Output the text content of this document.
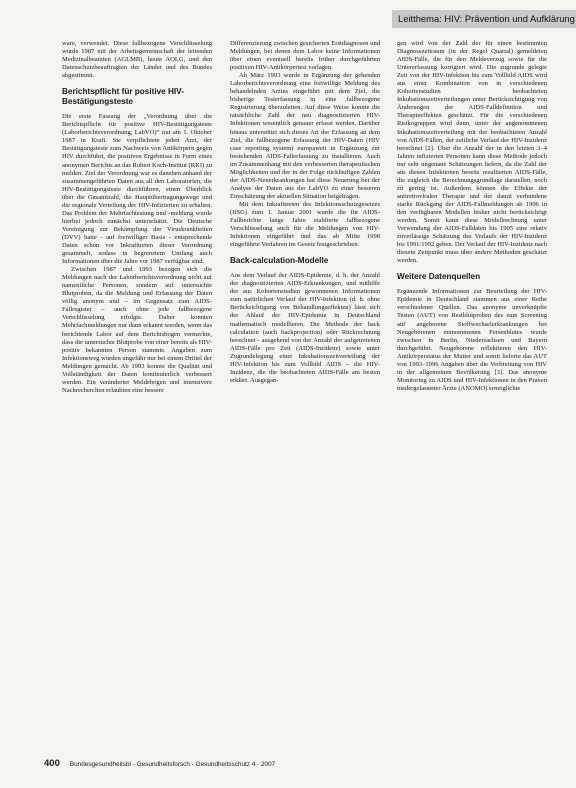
Leitthema: HIV: Prävention und Aufklärung

ware, verwendet. Diese fallbezogene Verschlüsselung wurde 1987 mit der Arbeitsgemeinschaft der leitenden Medizinalbeamten (AGLMB), heute AOLG, und den Datenschutzbeauftragten der Länder und des Bundes abgestimmt.

Berichtspflicht für positive HIV-Bestätigungsteste

Die erste Fassung der „Verordnung über die Berichtspflicht für positive HIV-Bestätigungsteste (Laborberichtsverordnung, LabVO)“ trat am 1. Oktober 1987 in Kraft. Sie verpflichtete jeden Arzt, der Bestätigungsteste zum Nachweis von Antikörpern gegen HIV durchführt, die positiven Ergebnisse in Form eines anonymen Berichts an das Robert Koch-Institut (RKI) zu melden. Ziel der Verordnung war es daneben anhand der zusammengeführten Daten aus all den Laboratorien, die HIV-Bestätigungsteste durchführen, einen Überblick über die Gesamtzahl, die Hauptübertragungswege und die regionale Verteilung der HIV-Infizierten zu erhalten. Das Problem der Mehrfachtestung und -meldung wurde hierbei jedoch zunächst unterschätzt. Die Deutsche Vereinigung zur Bekämpfung der Viruskrankheiten (DVV) hatte - auf freiwilliger Basis - entsprechende Daten schon vor Inkrafttreten dieser Verordnung gesammelt, sodass in begrenztem Umfang auch Informationen über die Jahre vor 1987 verfügbar sind.

Zwischen 1987 und 1993 bezogen sich die Meldungen nach der Laborberichtsverordnung nicht auf namentliche Personen, sondern auf untersuchte Blutproben, da die Meldung und Erfassung der Daten völlig anonym und – im Gegensatz zum AIDS-Fallregister – auch ohne jede fallbezogene Verschlüsselung erfolgte. Daher konnten Mehrfachmeldungen nur dann erkannt werden, wenn das berichtende Labor auf dem Berichtsbogen vermerkte, dass die untersuchte Blutprobe von einer bereits als HIV-positiv bekannten Person stammte. Angaben zum Infektionsweg wurden ungefähr nur bei einem Drittel der Meldungen gemacht. Ab 1993 konnte die Qualität und Vollständigkeit der Daten kontinuierlich verbessert werden. Ein veränderter Meldebogen und intensivere Nachrecherchen erlaubten eine bessere

Differenzierung zwischen gesicherten Erstdiagnosen und Meldungen, bei denen dem Labor keine Informationen über einen eventuell bereits früher durchgeführten positiven HIV-Antikörpertest vorlagen.

Ab März 1993 wurde in Ergänzung der gehenden Laborberichtsverordnung eine freiwillige Meldung des behandelnden Arztes eingeführt mit dem Ziel, die bisherige Testerfassung in eine fallbezogene Registrierung überzuleiten. Auf diese Weise konnte die tatsächliche Zahl der neu diagnostizierten HIV-Infektionen wesentlich genauer erfasst werden. Darüber hinaus unterstützt sich dieses Art der Erfassung an dem Ziel, die fallbezogene Erfassung der HIV-Daten (HIV case reporting system) europaweit in Ergänzung zur bestehenden AIDS-Fallerfassung zu installieren. Auch im Zusammenhang mit den verbesserten therapeutischen Möglichkeiten und der in der Folge rückläufigen Zahlen der AIDS-Neuerkrankungen hat diese Neuerung bei der Analyse der Daten aus der LabVO zu einer besseren Einschätzung der aktuellen Situation beigetragen.

Mit dem Inkrafttreten des Infektionsschutzgesetzes (IfSG) zum 1. Januar 2001 wurde die für AIDS-Fallberichte lange Jahre etablierte fallbezogene Verschlüsselung auch für die Meldungen von HIV-Infektionen eingeführt und das ab Mitte 1998 eingeführte Verfahren im Gesetz festgeschrieben.

Back-calculation-Modelle

Aus dem Verlauf der AIDS-Epidemie, d. h. der Anzahl der diagnostizierten AIDS-Erkrankungen, und mithilfe der aus Kohortenstudien gewonnenen Informationen zum natürlichen Verlauf der HIV-Infektion (d. h. ohne Berücksichtigung von Behandlungseffekten) lässt sich der Ablauf der HIV-Epidemie in Deutschland mathematisch modellieren. Die Methode der back calculation (auch backprojection) oder Rückrechnung berechnet - ausgehend von der Anzahl der aufgetretenen AIDS-Fälle pro Zeit (AIDS-Inzidenz) sowie unter Zugrundelegung einer Inkubationszeitverteilung der HIV-Infektion bis zum Vollbild AIDS – die HIV-Inzidenz, die die beobachteten AIDS-Fälle am besten erklärt. Ausgegan-

gen wird von der Zahl der für einen bestimmten Diagnosezeitraum (in der Regel Quartal) gemeldeten AIDS-Fälle, die für den Meldeverzug sowie für die Untererfassung korrigiert wird. Die zugrunde gelegte Zeit von der HIV-Infektion bis zum Vollbild AIDS wird aus einer Kombination von in verschiedenen Kohortenstudien beobachteten Inkubationszeitverteilungen unter Berücksichtigung von Änderungen der AIDS-Falldefinition und Therapieeffekten geschätzt. Für die verschiedenen Risikogruppen wird dann, unter der angenommenen Inkubationszeitverteilung mit der beobachteten Anzahl von AIDS-Fällen, der zeitliche Verlauf der HIV-Inzidenz berechnet [2]. Über die Anzahl der in den letzten 3–4 Jahren infizierten Personen kann diese Methode jedoch nur sehr ungenaue Schätzungen liefern, da die Zahl der aus diesen Infektionen bereits resultierten AIDS-Fälle, die zugleich die Berechnungsgrundlage darstellen, noch zu gering ist. Außerdem können die Effekte der antiretroviralen Therapie und der damit verbundene starke Rückgang der AIDS-Fallmeldungen ab 1996 in den verfügbaren Modellen bisher nicht berücksichtigt werden. Somit kann diese Modellrechnung unter Verwendung der AIDS-Falldaten bis 1995 eine relativ zuverlässige Schätzung des Verlaufs der HIV-Inzidenz bis 1991/1992 geben. Der Verlauf der HIV-Inzidenz nach diesem Zeitpunkt muss über andere Methoden geschätzt werden.

Weitere Datenquellen

Ergänzende Informationen zur Beurteilung der HIV-Epidemie in Deutschland stammen aus einer Reihe verschiedener Quellen. Das anonyme unverknüpfte Testen (AUT) von Restblutproben des zum Screening auf angeborene Stoffwechselerkrankungen bei Neugeborenen entnommenen Fersenblutes wurde zwischen in Berlin, Niedersachsen und Bayern durchgeführt. Neugeborene reflektieren den HIV-Antikörperstatus der Mutter und somit lieferte das AUT von 1993–1996 Angaben über die Verbreitung von HIV in der allgemeinen Bevölkerung [3]. Das anonyme Monitoring zu AIDS und HIV-Infektionen in den Praxen niedergelassener Ärzte (ANOMO) ermöglichte

400 Bundesgesundheitsbl - Gesundheitsforsch - Gesundheitsschutz 4 · 2007
